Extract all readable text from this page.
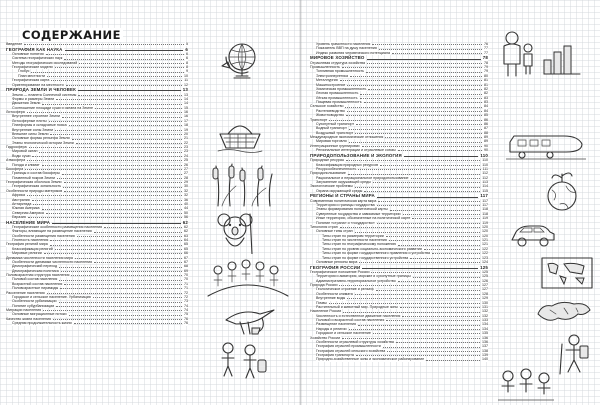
СОДЕРЖАНИЕ
Введение	5
ГЕОГРАФИЯ КАК НАУКА	6
Основные понятия	6
Система географических наук	6
Методы географических исследований	8
Географические модели	8
Глобус	9
План местности	10
Географическая карта	11
Ориентирование на местности	12
ПРИРОДА ЗЕМЛИ И ЧЕЛОВЕК	13
Земля — планета Солнечной системы	13
Формы и размеры Земли	14
Движения Земли	14
Соотношение площади суши и океана на Земле	15
Литосфера	16
Внутреннее строение Земли	16
Литосферные плиты	17
Платформы и складчатые пояса	18
Внутренние силы Земли	19
Внешние силы Земли	20
Основные формы рельефа Земли	21
Этапы геологической истории Земли	22
Гидросфера	23
Мировой океан	23
Воды суши	24
Атмосфера	25
Погода и климат	26
Биосфера	27
Границы и состав биосферы	27
Почвенный покров Земли	28
Географическая оболочка Земли	29
Географическая зональность	30
Особенности природы материков	32
Африка	32
Австралия	36
Антарктида	40
Южная Америка	44
Северная Америка	50
Евразия	56
НАСЕЛЕНИЕ МИРА	62
Географические особенности размещения населения	62
Факторы, влияющие на размещение населения	62
Особенности размещения населения	63
Плотность населения	64
География религий мира	65
Классификация религий	65
Мировые религии	66
Динамика численности населения мира	67
Особенности динамики численности населения	67
Демографический переход	68
Демографическая политика	69
Половозрастная структура населения	70
Половой состав населения	70
Возрастной состав населения	71
Половозрастные пирамиды	71
Расселение населения	72
Городское и сельское население. Урбанизация	72
Особенности урбанизации	73
Понятие субурбанизации	74
Миграции населения	74
Основные миграционные потоки	75
Качество жизни населения	76
Средняя продолжительность жизни	76
Уровень грамотности населения	76
Показатель ВВП на душу населения	77
Индекс развития человеческого потенциала	77
МИРОВОЕ ХОЗЯЙСТВО	78
Отраслевая структура хозяйства	78
Промышленность	79
Топливная промышленность	79
Электроэнергетика	80
Металлургия	81
Машиностроение	81
Химическая промышленность	82
Лесная промышленность	82
Лёгкая промышленность	83
Пищевая промышленность	83
Сельское хозяйство	84
Растениеводство	84
Животноводство	85
Транспорт	86
Сухопутный транспорт	86
Водный транспорт	87
Воздушный транспорт	88
Международные экономические отношения	89
Мировая торговля	89
Интеграционные группировки	90
Региональные интеграции и отраслевые союзы	90
ПРИРОДОПОЛЬЗОВАНИЕ И ЭКОЛОГИЯ	110
Природные ресурсы	110
Классификация природных ресурсов	110
Ресурсообеспеченность	111
Природопользование	112
Рациональное и нерациональное природопользование	112
Загрязнение окружающей среды	113
Экологические проблемы	114
Охрана окружающей среды	115
РЕГИОНЫ И СТРАНЫ МИРА	117
Современная политическая карта мира	117
Территория и границы государства	117
Этапы формирования политической карты	118
Суверенные государства и зависимые территории	118
Иные территории, обозначенные на политической карте	119
Понятие «страна» и «государство»	119
Типология стран	120
Основные типы стран	120
Типы стран по размерам территории	120
Типы стран по численности населения	121
Типы стран по географическому положению	121
Типы стран по уровню социально-экономического развития	122
Типы стран по форме государственного правления и устройства	122
Типы стран по форме государственного устройства	123
Основные регионы мира	124
ГЕОГРАФИЯ РОССИИ	125
Географическое положение России	125
Территория и акватория, морские и сухопутные границы	125
Административно-территориальное устройство	126
Природа России	127
Геологическое строение и рельеф	127
Особенности климата	128
Внутренние воды	129
Почвы	130
Растительный и животный мир. Природные зоны	131
Население России	132
Численность и естественное движение населения	132
Половой и возрастной состав населения	133
Размещение населения	134
Народы и религии	134
Городское и сельское население	135
Хозяйство России	136
Особенности отраслевой структуры хозяйства	136
География отраслей промышленности	137
География отраслей сельского хозяйства	138
География транспорта	139
Природно-хозяйственные зоны и экономическое районирование	140
